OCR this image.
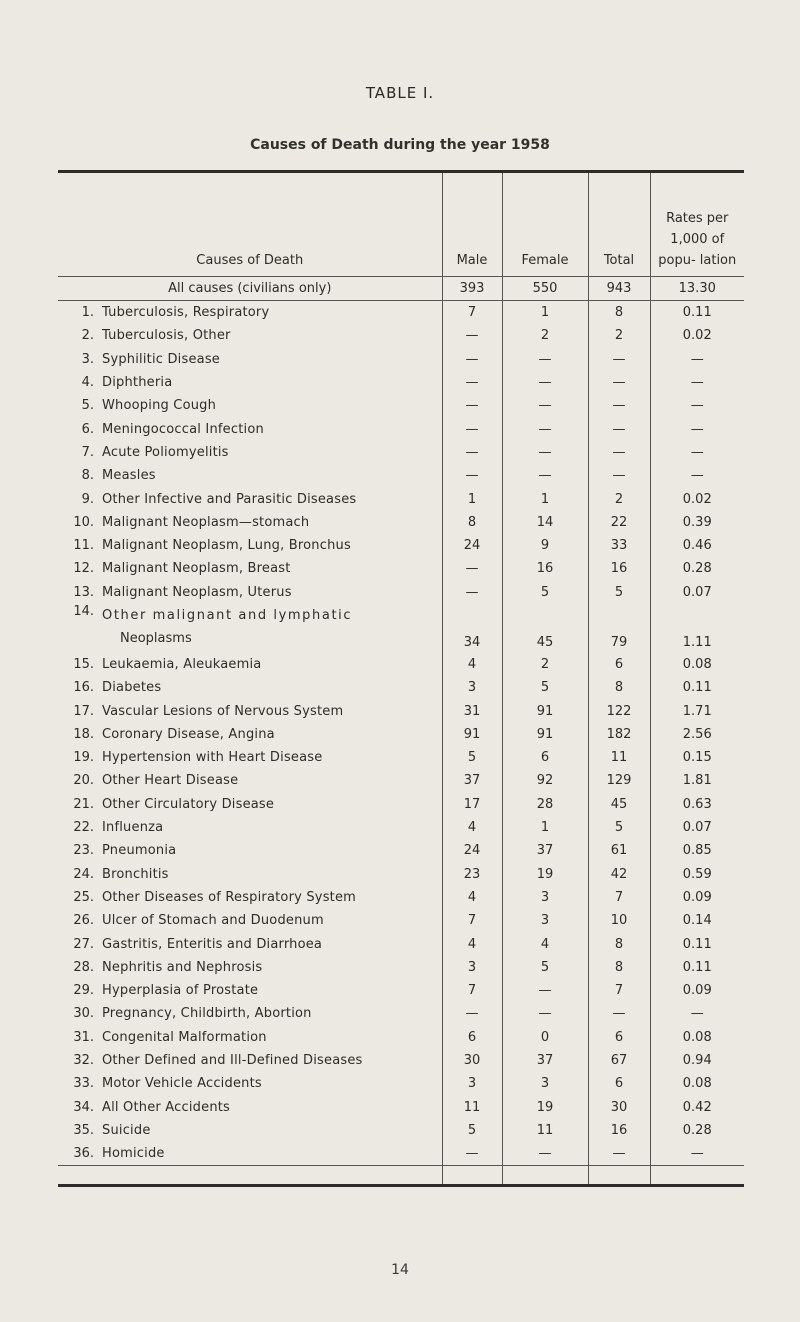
TABLE I.
Causes of Death during the year 1958
Causes of Death	Male	Female	Total	Rates per 1,000 of popu- lation
All causes (civilians only)	393	550	943	13.30
1. Tuberculosis, Respiratory	7	1	8	0.11
2. Tuberculosis, Other	—	2	2	0.02
3. Syphilitic Disease	—	—	—	—
4. Diphtheria	—	—	—	—
5. Whooping Cough	—	—	—	—
6. Meningococcal Infection	—	—	—	—
7. Acute Poliomyelitis	—	—	—	—
8. Measles	—	—	—	—
9. Other Infective and Parasitic Diseases	1	1	2	0.02
10. Malignant Neoplasm—stomach	8	14	22	0.39
11. Malignant Neoplasm, Lung, Bronchus	24	9	33	0.46
12. Malignant Neoplasm, Breast	—	16	16	0.28
13. Malignant Neoplasm, Uterus	—	5	5	0.07
14. Other malignant and lymphatic
Neoplasms	34	45	79	1.11
15. Leukaemia, Aleukaemia	4	2	6	0.08
16. Diabetes	3	5	8	0.11
17. Vascular Lesions of Nervous System	31	91	122	1.71
18. Coronary Disease, Angina	91	91	182	2.56
19. Hypertension with Heart Disease	5	6	11	0.15
20. Other Heart Disease	37	92	129	1.81
21. Other Circulatory Disease	17	28	45	0.63
22. Influenza	4	1	5	0.07
23. Pneumonia	24	37	61	0.85
24. Bronchitis	23	19	42	0.59
25. Other Diseases of Respiratory System	4	3	7	0.09
26. Ulcer of Stomach and Duodenum	7	3	10	0.14
27. Gastritis, Enteritis and Diarrhoea	4	4	8	0.11
28. Nephritis and Nephrosis	3	5	8	0.11
29. Hyperplasia of Prostate	7	—	7	0.09
30. Pregnancy, Childbirth, Abortion	—	—	—	—
31. Congenital Malformation	6	0	6	0.08
32. Other Defined and Ill-Defined Diseases	30	37	67	0.94
33. Motor Vehicle Accidents	3	3	6	0.08
34. All Other Accidents	11	19	30	0.42
35. Suicide	5	11	16	0.28
36. Homicide	—	—	—	—

14
